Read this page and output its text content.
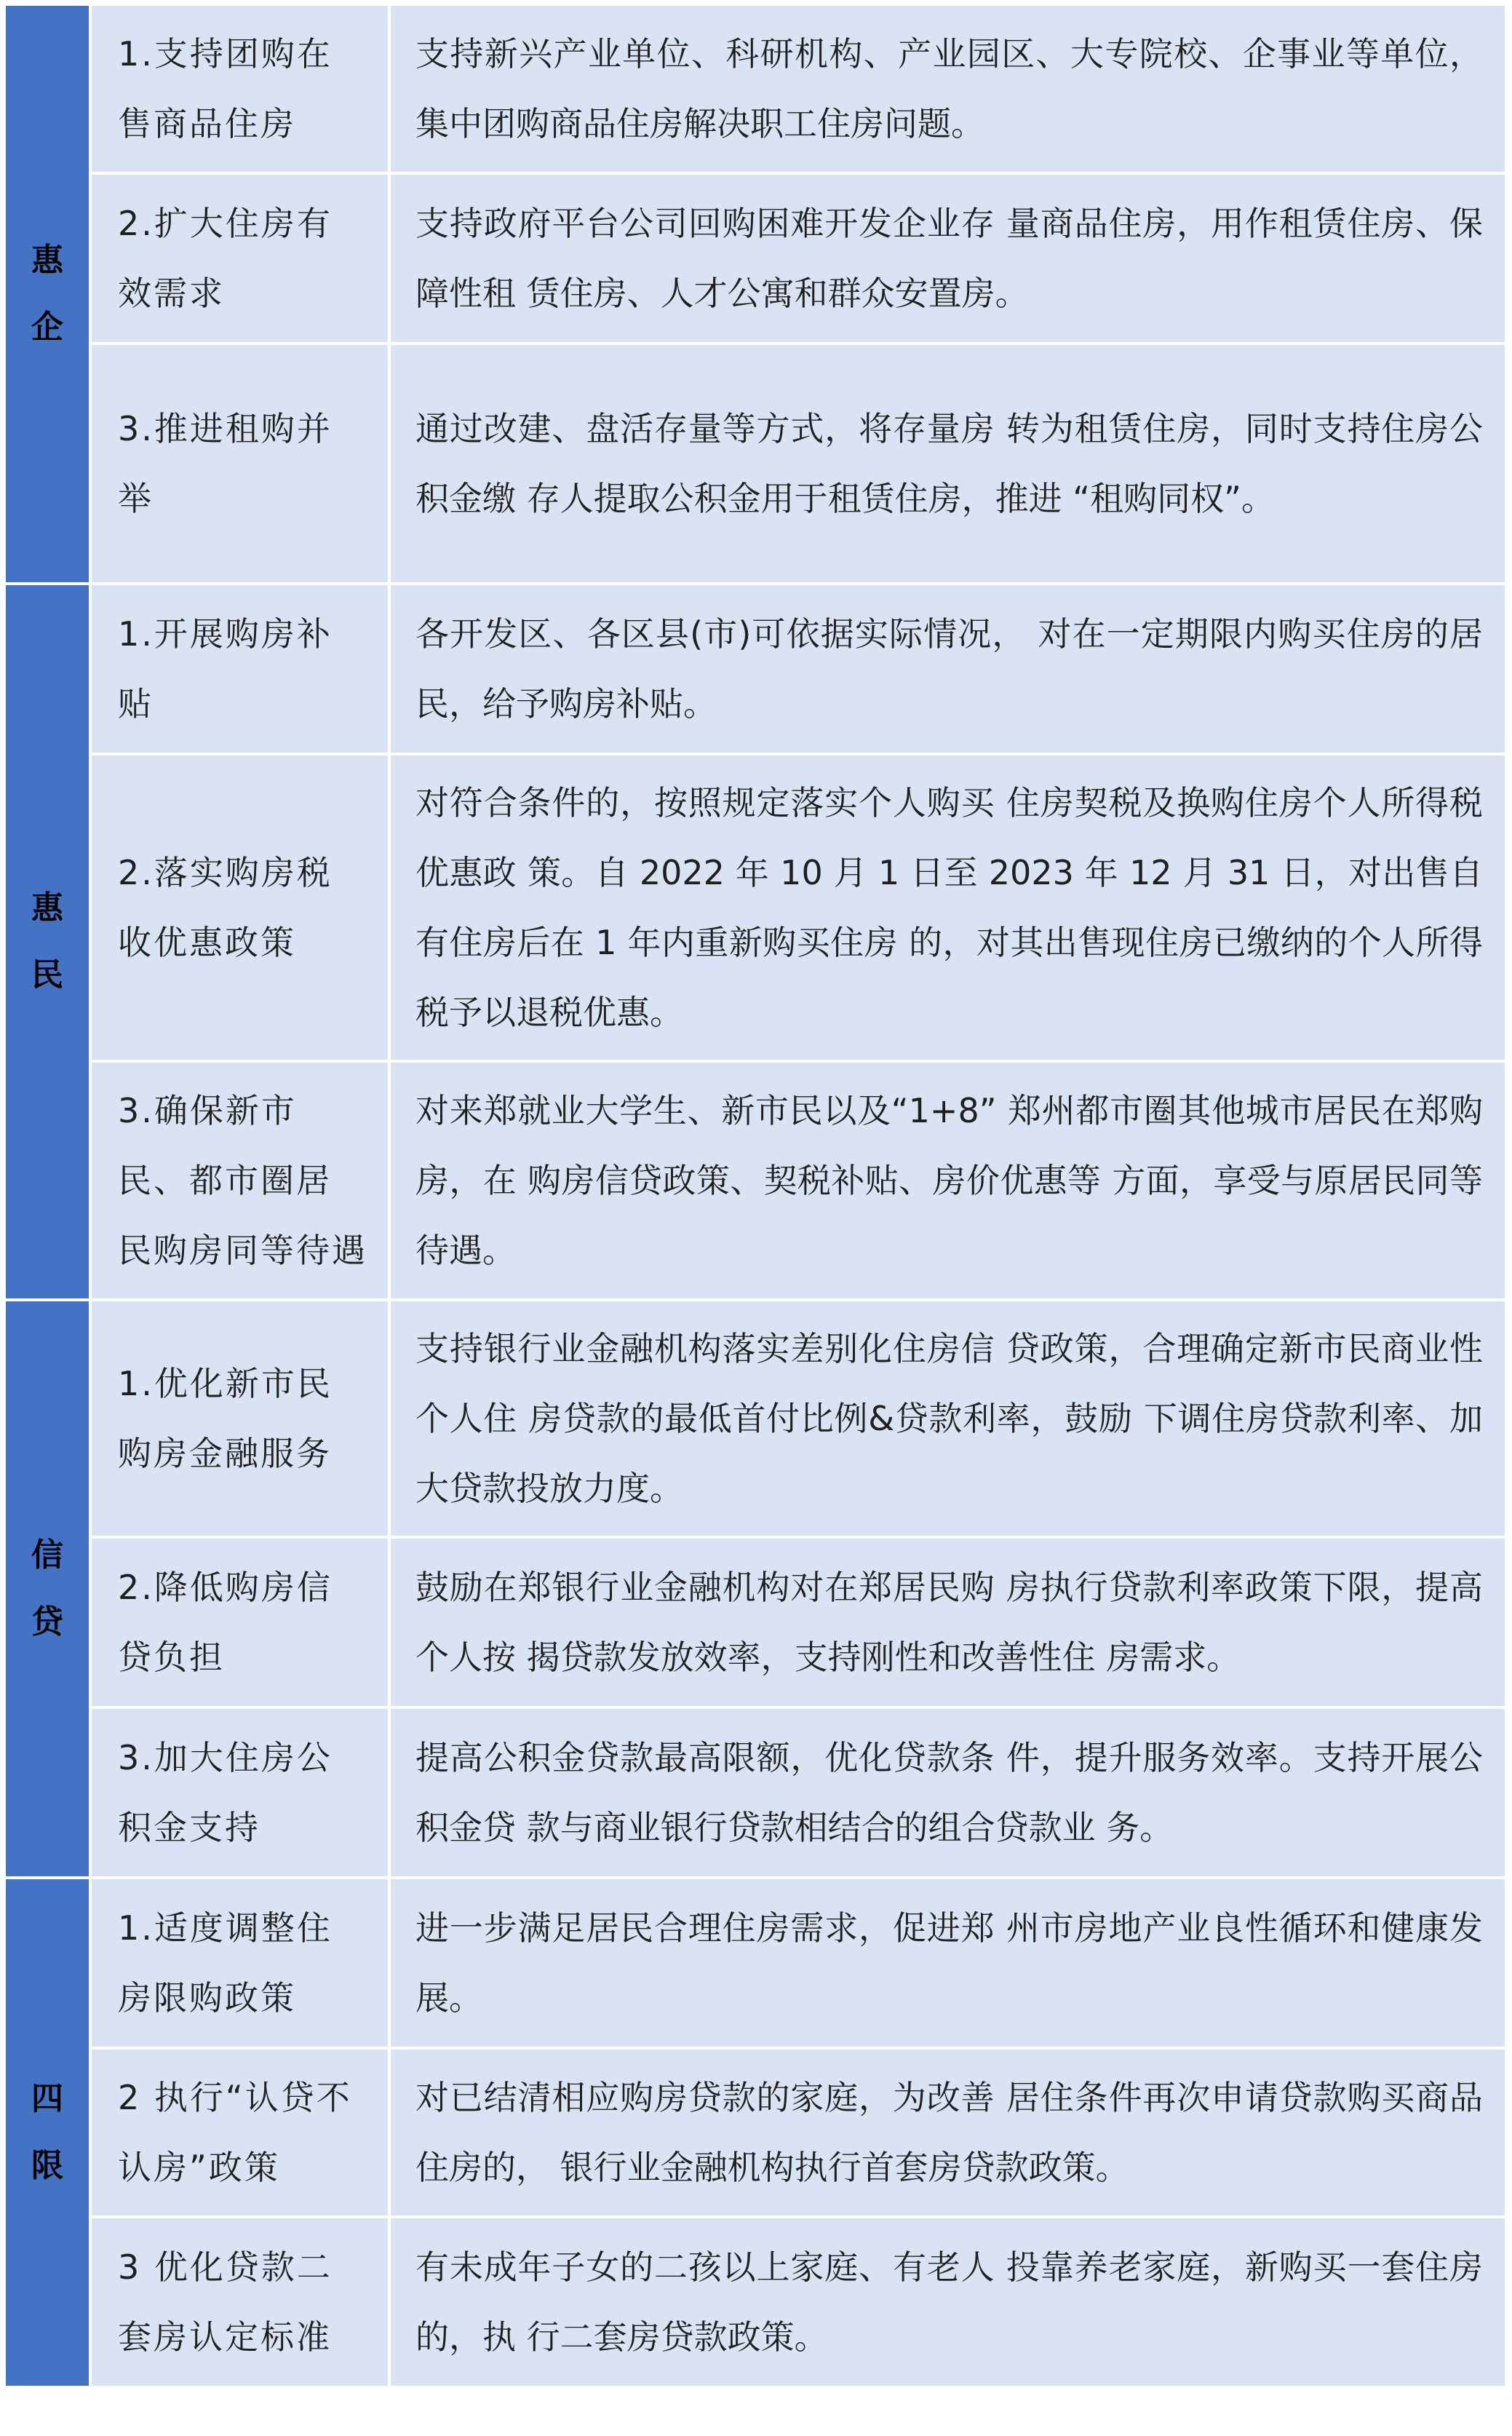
惠企	1.支持团购在售商品住房	支持新兴产业单位、科研机构、产业园区、大专院校、企事业等单位，集中团购商品住房解决职工住房问题。

	2.扩大住房有效需求	支持政府平台公司回购困难开发企业存 量商品住房，用作租赁住房、保障性租 赁住房、人才公寓和群众安置房。

	3.推进租购并举	通过改建、盘活存量等方式，将存量房 转为租赁住房，同时支持住房公积金缴 存人提取公积金用于租赁住房，推进 “租购同权”。

惠民	1.开展购房补贴	各开发区、各区县(市)可依据实际情况， 对在一定期限内购买住房的居民，给予购房补贴。

	2.落实购房税收优惠政策	对符合条件的，按照规定落实个人购买 住房契税及换购住房个人所得税优惠政 策。自 2022 年 10 月 1 日至 2023 年 12 月 31 日，对出售自有住房后在 1 年内重新购买住房 的，对其出售现住房已缴纳的个人所得 税予以退税优惠。

	3.确保新市民、都市圈居 民购房同等待遇	对来郑就业大学生、新市民以及“1+8” 郑州都市圈其他城市居民在郑购房，在 购房信贷政策、契税补贴、房价优惠等 方面，享受与原居民同等待遇。

信贷	1.优化新市民购房金融服务	支持银行业金融机构落实差别化住房信 贷政策，合理确定新市民商业性个人住 房贷款的最低首付比例&贷款利率，鼓励 下调住房贷款利率、加大贷款投放力度。

	2.降低购房信贷负担	鼓励在郑银行业金融机构对在郑居民购 房执行贷款利率政策下限，提高个人按 揭贷款发放效率，支持刚性和改善性住 房需求。

	3.加大住房公积金支持	提高公积金贷款最高限额，优化贷款条 件，提升服务效率。支持开展公积金贷 款与商业银行贷款相结合的组合贷款业 务。

四限	1.适度调整住房限购政策	进一步满足居民合理住房需求，促进郑 州市房地产业良性循环和健康发展。

	2 执行“认贷不认房”政策	对已结清相应购房贷款的家庭，为改善 居住条件再次申请贷款购买商品住房的， 银行业金融机构执行首套房贷款政策。

	3 优化贷款二套房认定标准	有未成年子女的二孩以上家庭、有老人 投靠养老家庭，新购买一套住房的，执 行二套房贷款政策。
